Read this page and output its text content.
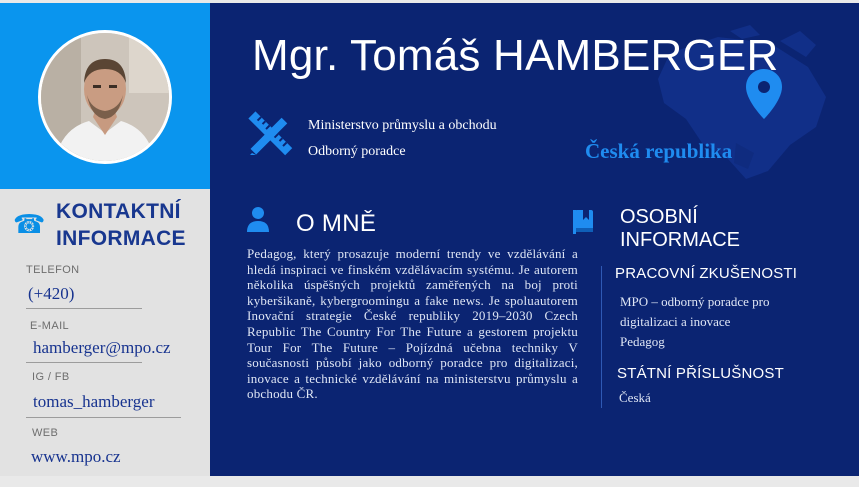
☎ KONTAKTNÍ
INFORMACE
TELEFON
(+420)
E-MAIL
hamberger@mpo.cz
IG / FB
tomas_hamberger
WEB
www.mpo.cz
Mgr. Tomáš HAMBERGER
Ministerstvo průmyslu a obchodu
Odborný poradce	Česká republika
O MNĚ
Pedagog, který prosazuje moderní trendy ve vzdělávání a hledá inspiraci ve finském vzdělávacím systému. Je autorem několika úspěšných projektů zaměřených na boj proti kyberšikaně, kybergroomingu a fake news. Je spoluautorem Inovační strategie České republiky 2019–2030 Czech Republic The Country For The Future a gestorem projektu Tour For The Future – Pojízdná učebna techniky V současnosti působí jako odborný poradce pro digitalizaci, inovace a technické vzdělávání na ministerstvu průmyslu a obchodu ČR.
OSOBNÍ
INFORMACE
PRACOVNÍ ZKUŠENOSTI
MPO – odborný poradce pro
digitalizaci a inovace
Pedagog
STÁTNÍ PŘÍSLUŠNOST
Česká
